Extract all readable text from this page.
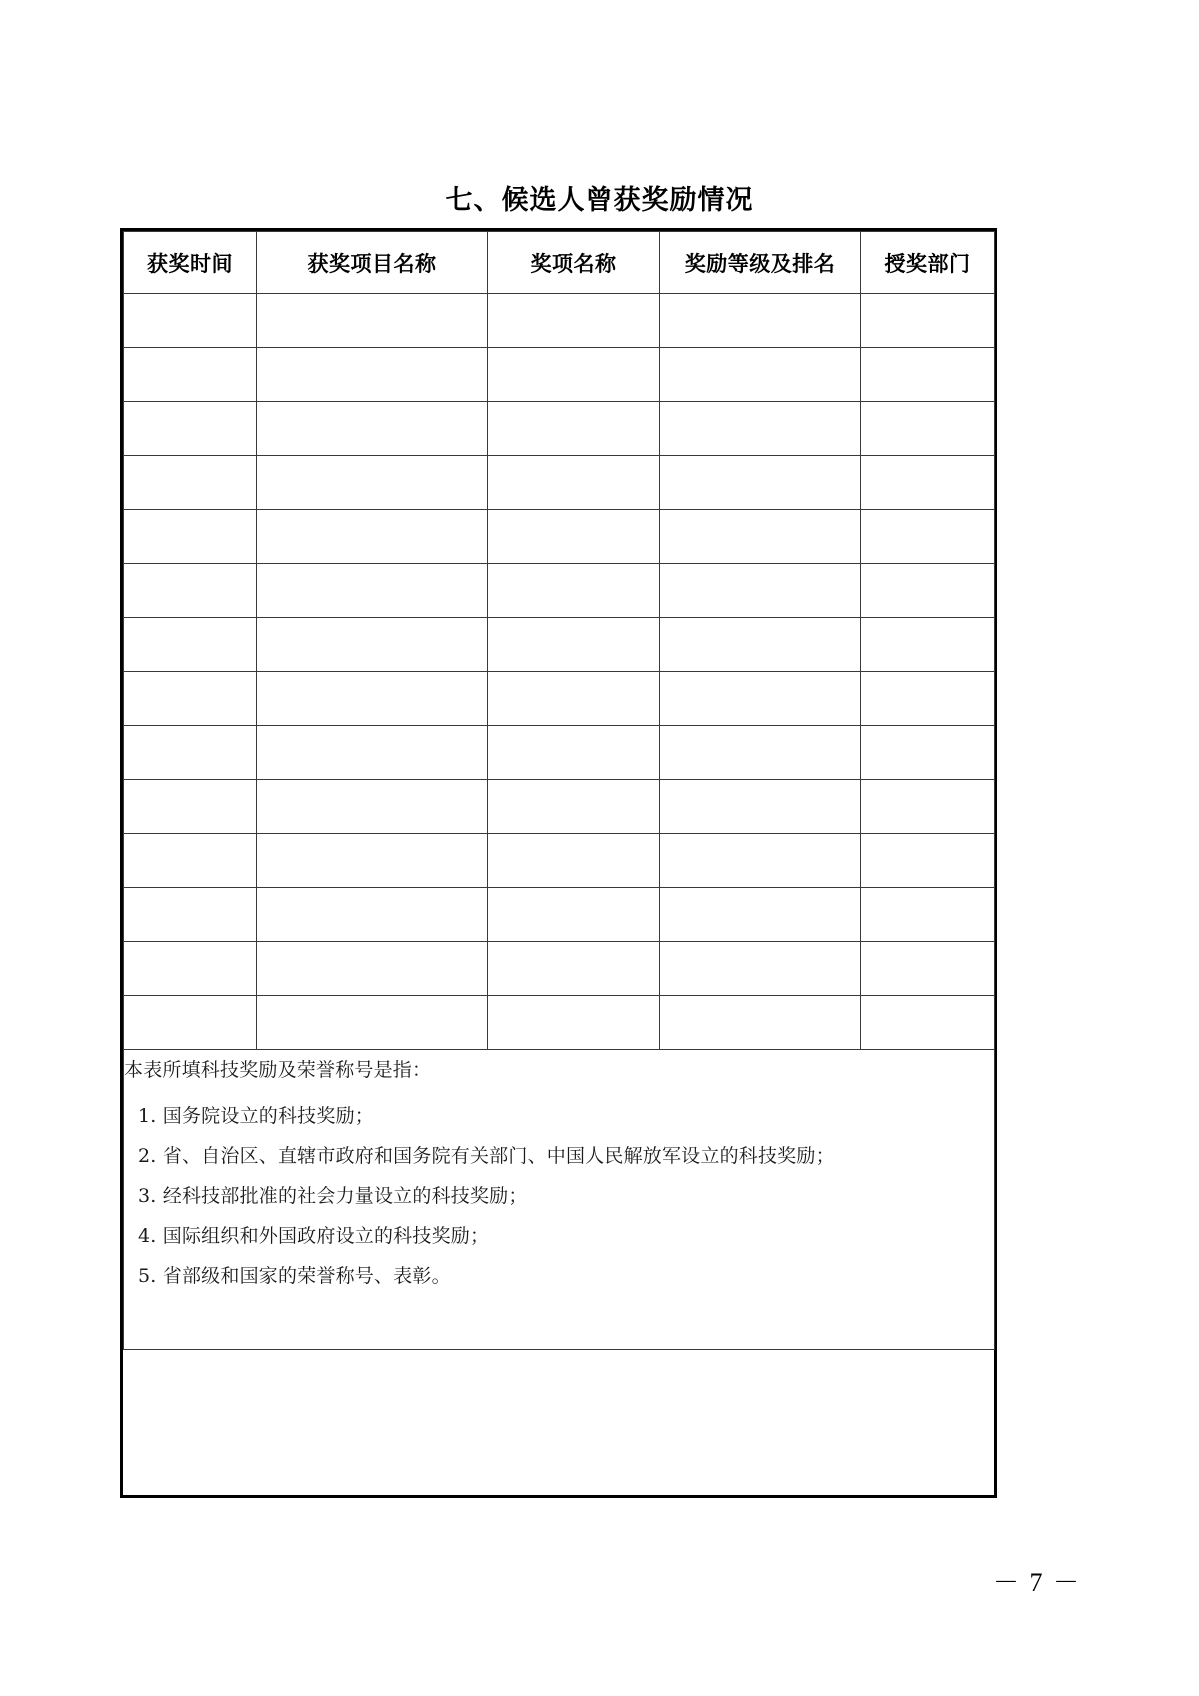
七、候选人曾获奖励情况
获奖时间	获奖项目名称	奖项名称	奖励等级及排名	授奖部门

本表所填科技奖励及荣誉称号是指：
1. 国务院设立的科技奖励；
2. 省、自治区、直辖市政府和国务院有关部门、中国人民解放军设立的科技奖励；
3. 经科技部批准的社会力量设立的科技奖励；
4. 国际组织和外国政府设立的科技奖励；
5. 省部级和国家的荣誉称号、表彰。
－ 7 －
